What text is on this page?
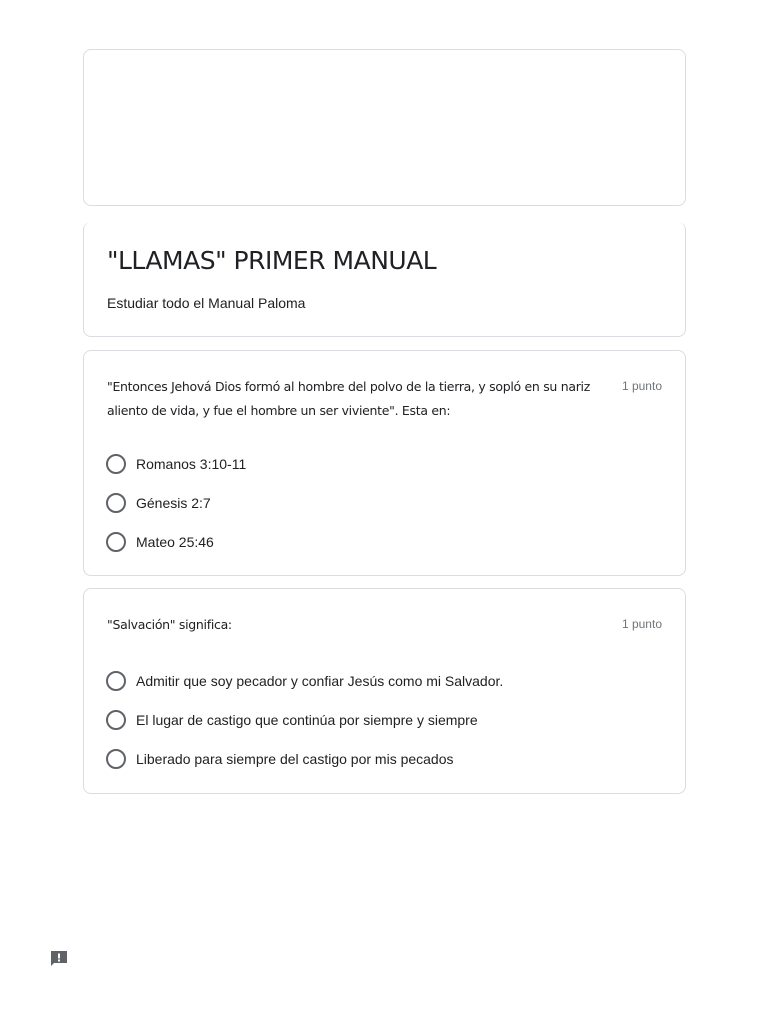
"LLAMAS" PRIMER MANUAL
Estudiar todo el Manual Paloma
"Entonces Jehová Dios formó al hombre del polvo de la tierra, y sopló en su nariz aliento de vida, y fue el hombre un ser viviente". Esta en:
1 punto
Romanos 3:10-11
Génesis 2:7
Mateo 25:46
"Salvación" significa:	1 punto
Admitir que soy pecador y confiar Jesús como mi Salvador.
El lugar de castigo que continúa por siempre y siempre
Liberado para siempre del castigo por mis pecados
